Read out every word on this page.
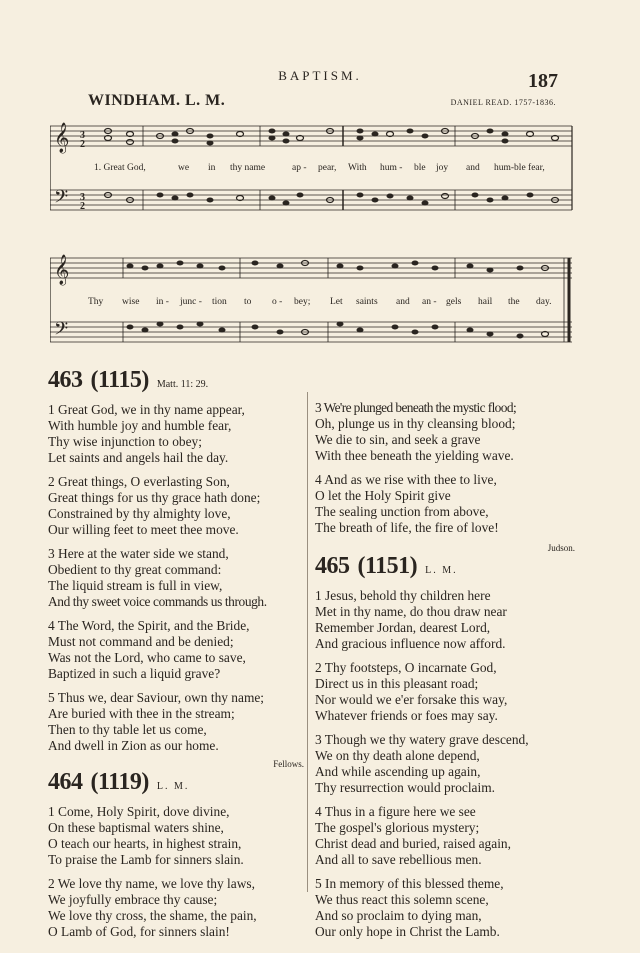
BAPTISM.	187
WINDHAM. L. M.	DANIEL READ. 1757-1836.
𝄞
𝄢
3
2
3
2
1. Great God,	we in thy name	ap - pear, With hum - ble joy and hum-ble fear,
𝄞
𝄢
Thy wise in - junc - tion to o - bey; Let saints and an - gels hail the day.
463 (1115) Matt. 11: 29.
1 Great God, we in thy name appear,
With humble joy and humble fear,
Thy wise injunction to obey;
Let saints and angels hail the day.
2 Great things, O everlasting Son,
Great things for us thy grace hath done;
Constrained by thy almighty love,
Our willing feet to meet thee move.
3 Here at the water side we stand,
Obedient to thy great command:
The liquid stream is full in view,
And thy sweet voice commands us through.
4 The Word, the Spirit, and the Bride,
Must not command and be denied;
Was not the Lord, who came to save,
Baptized in such a liquid grave?
5 Thus we, dear Saviour, own thy name;
Are buried with thee in the stream;
Then to thy table let us come,
And dwell in Zion as our home.
Fellows.
464 (1119) L. M.
1 Come, Holy Spirit, dove divine,
On these baptismal waters shine,
O teach our hearts, in highest strain,
To praise the Lamb for sinners slain.
2 We love thy name, we love thy laws,
We joyfully embrace thy cause;
We love thy cross, the shame, the pain,
O Lamb of God, for sinners slain!
3 We're plunged beneath the mystic flood;
Oh, plunge us in thy cleansing blood;
We die to sin, and seek a grave
With thee beneath the yielding wave.
4 And as we rise with thee to live,
O let the Holy Spirit give
The sealing unction from above,
The breath of life, the fire of love!
Judson.
465 (1151) L. M.
1 Jesus, behold thy children here
Met in thy name, do thou draw near
Remember Jordan, dearest Lord,
And gracious influence now afford.
2 Thy footsteps, O incarnate God,
Direct us in this pleasant road;
Nor would we e'er forsake this way,
Whatever friends or foes may say.
3 Though we thy watery grave descend,
We on thy death alone depend,
And while ascending up again,
Thy resurrection would proclaim.
4 Thus in a figure here we see
The gospel's glorious mystery;
Christ dead and buried, raised again,
And all to save rebellious men.
5 In memory of this blessed theme,
We thus react this solemn scene,
And so proclaim to dying man,
Our only hope in Christ the Lamb.
